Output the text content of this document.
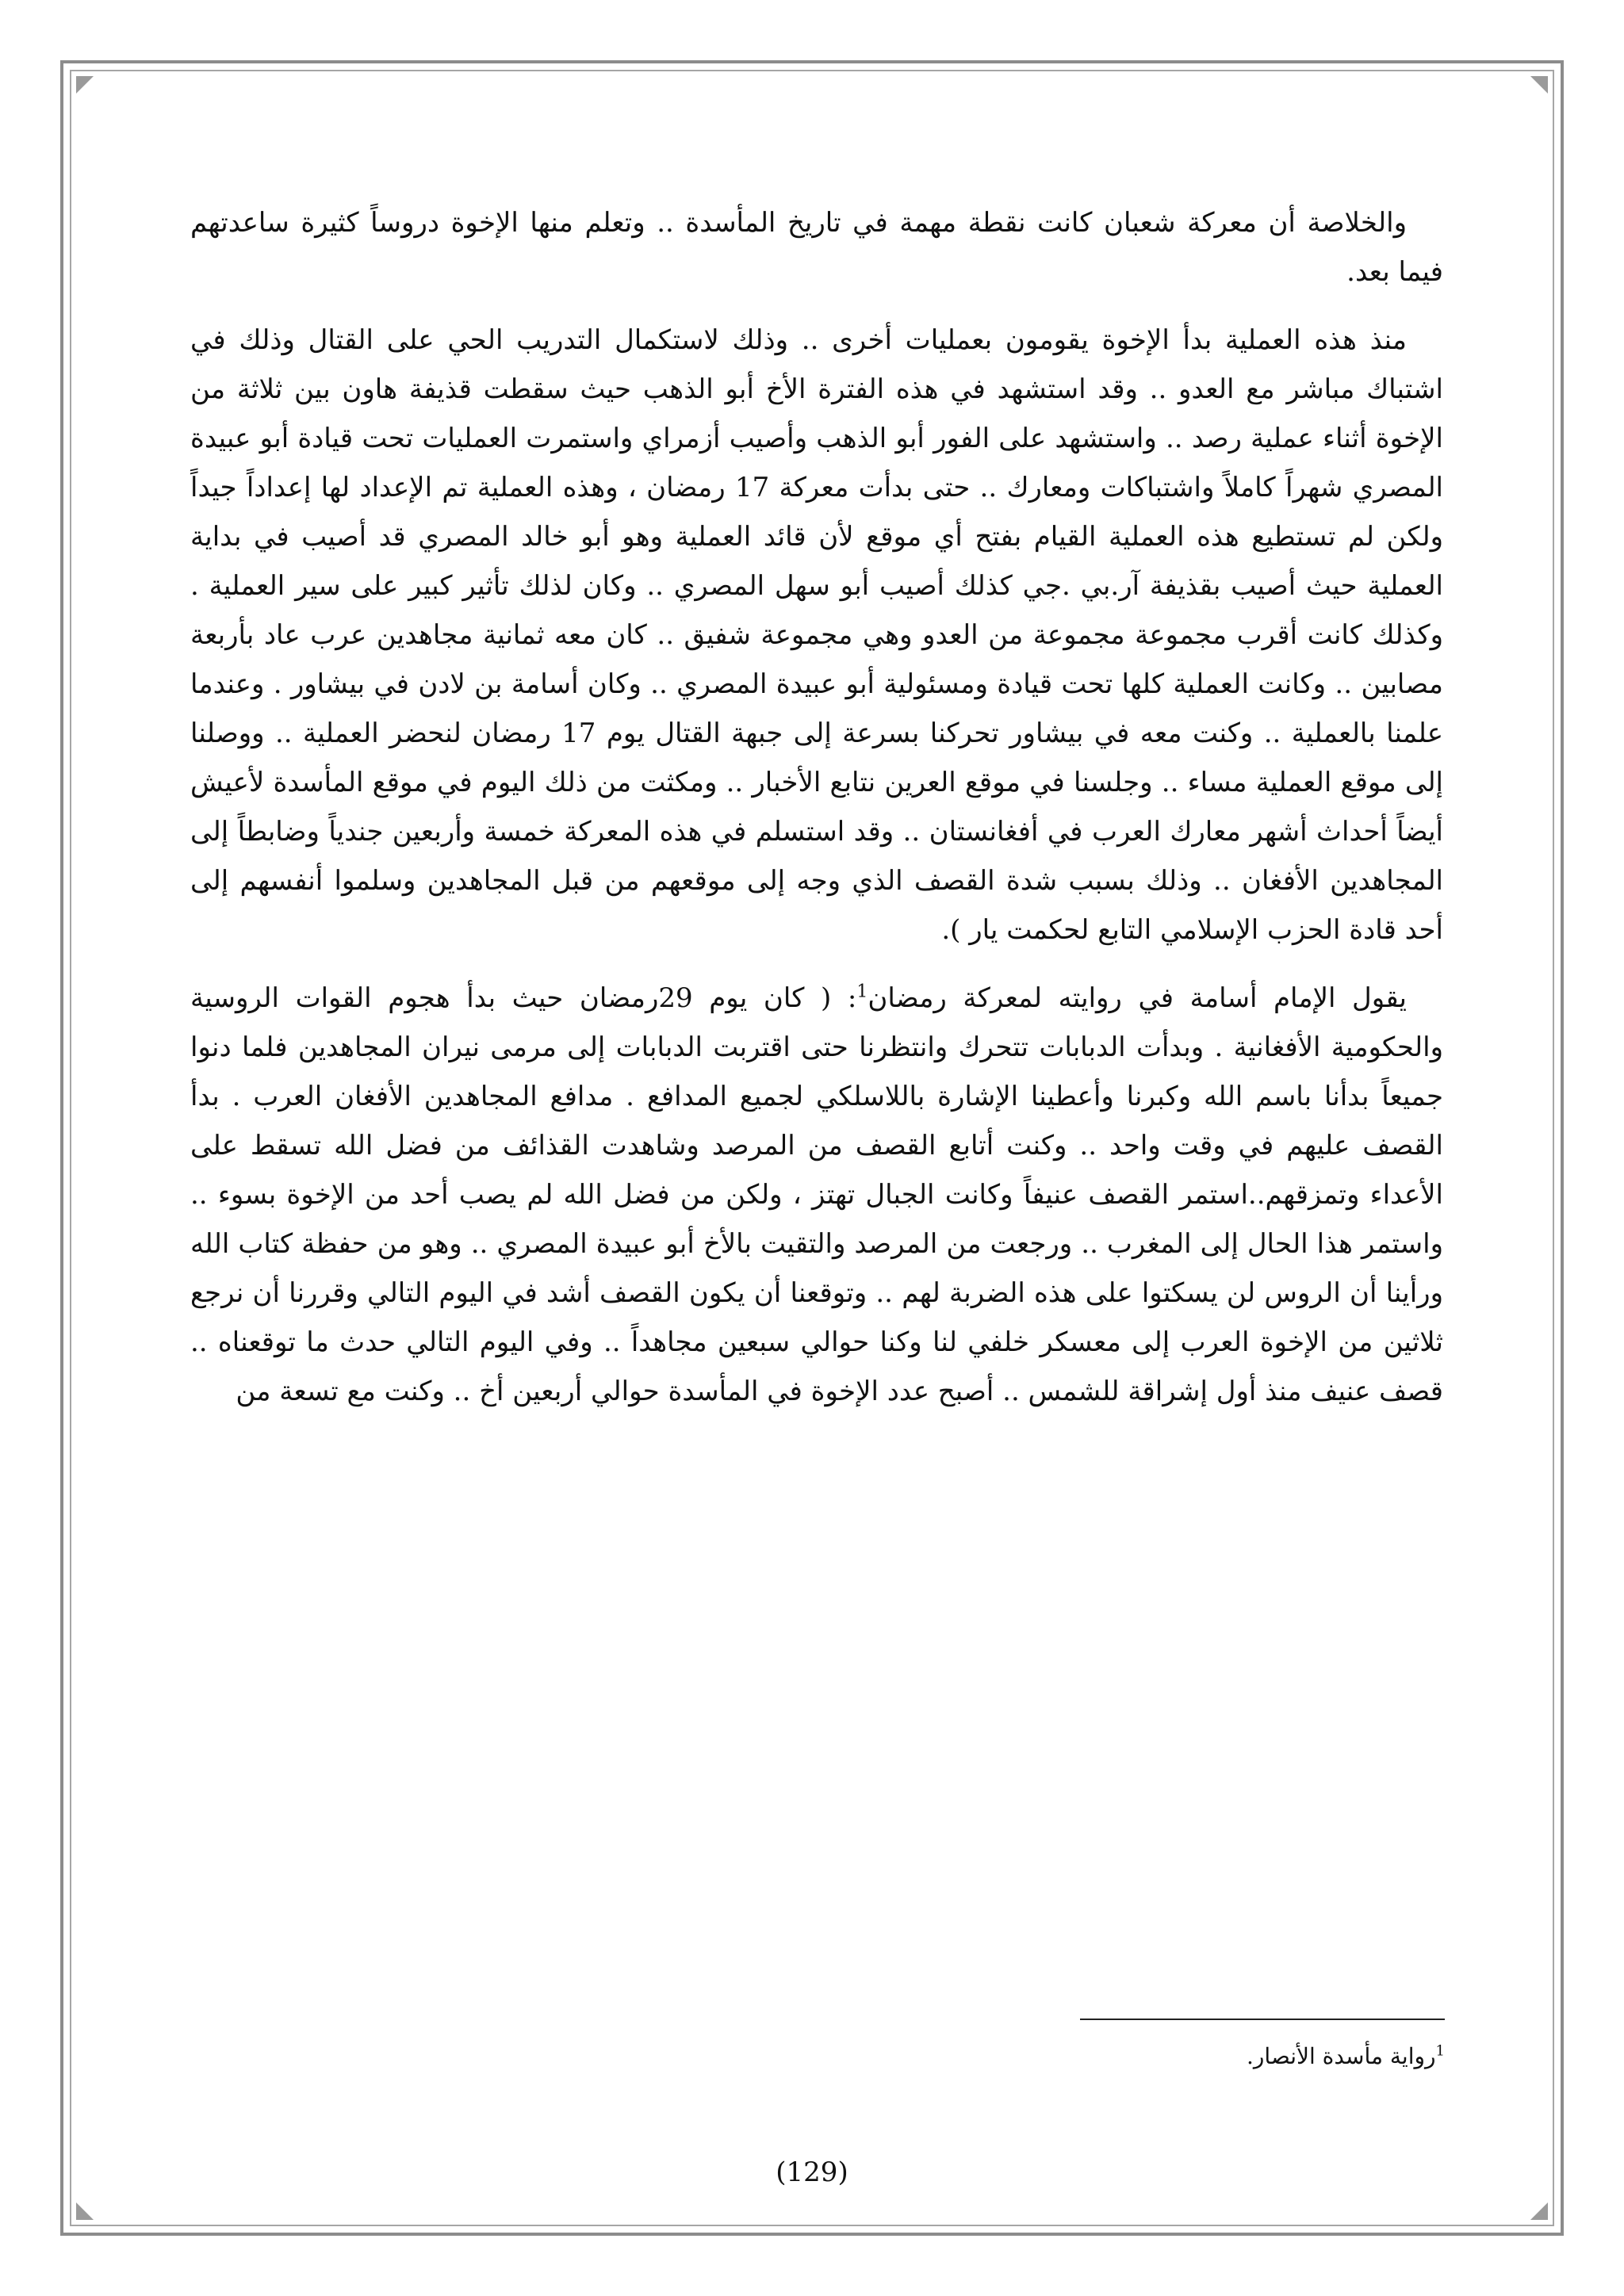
والخلاصة أن معركة شعبان كانت نقطة مهمة في تاريخ المأسدة .. وتعلم منها الإخوة دروساً كثيرة ساعدتهم فيما بعد.

منذ هذه العملية بدأ الإخوة يقومون بعمليات أخرى .. وذلك لاستكمال التدريب الحي على القتال وذلك في اشتباك مباشر مع العدو .. وقد استشهد في هذه الفترة الأخ أبو الذهب حيث سقطت قذيفة هاون بين ثلاثة من الإخوة أثناء عملية رصد .. واستشهد على الفور أبو الذهب وأصيب أزمراي واستمرت العمليات تحت قيادة أبو عبيدة المصري شهراً كاملاً واشتباكات ومعارك .. حتى بدأت معركة 17 رمضان ، وهذه العملية تم الإعداد لها إعداداً جيداً ولكن لم تستطيع هذه العملية القيام بفتح أي موقع لأن قائد العملية وهو أبو خالد المصري قد أصيب في بداية العملية حيث أصيب بقذيفة آر.بي .جي كذلك أصيب أبو سهل المصري .. وكان لذلك تأثير كبير على سير العملية . وكذلك كانت أقرب مجموعة مجموعة من العدو وهي مجموعة شفيق .. كان معه ثمانية مجاهدين عرب عاد بأربعة مصابين .. وكانت العملية كلها تحت قيادة ومسئولية أبو عبيدة المصري .. وكان أسامة بن لادن في بيشاور . وعندما علمنا بالعملية .. وكنت معه في بيشاور تحركنا بسرعة إلى جبهة القتال يوم 17 رمضان لنحضر العملية .. ووصلنا إلى موقع العملية مساء .. وجلسنا في موقع العرين نتابع الأخبار .. ومكثت من ذلك اليوم في موقع المأسدة لأعيش أيضاً أحداث أشهر معارك العرب في أفغانستان .. وقد استسلم في هذه المعركة خمسة وأربعين جندياً وضابطاً إلى المجاهدين الأفغان .. وذلك بسبب شدة القصف الذي وجه إلى موقعهم من قبل المجاهدين وسلموا أنفسهم إلى أحد قادة الحزب الإسلامي التابع لحكمت يار ).

يقول الإمام أسامة في روايته لمعركة رمضان$^1$: ( كان يوم 29رمضان حيث بدأ هجوم القوات الروسية والحكومية الأفغانية . وبدأت الدبابات تتحرك وانتظرنا حتى اقتربت الدبابات إلى مرمى نيران المجاهدين فلما دنوا جميعاً بدأنا باسم الله وكبرنا وأعطينا الإشارة باللاسلكي لجميع المدافع . مدافع المجاهدين الأفغان العرب . بدأ القصف عليهم في وقت واحد .. وكنت أتابع القصف من المرصد وشاهدت القذائف من فضل الله تسقط على الأعداء وتمزقهم..استمر القصف عنيفاً وكانت الجبال تهتز ، ولكن من فضل الله لم يصب أحد من الإخوة بسوء .. واستمر هذا الحال إلى المغرب .. ورجعت من المرصد والتقيت بالأخ أبو عبيدة المصري .. وهو من حفظة كتاب الله ورأينا أن الروس لن يسكتوا على هذه الضربة لهم .. وتوقعنا أن يكون القصف أشد في اليوم التالي وقررنا أن نرجع ثلاثين من الإخوة العرب إلى معسكر خلفي لنا وكنا حوالي سبعين مجاهداً .. وفي اليوم التالي حدث ما توقعناه .. قصف عنيف منذ أول إشراقة للشمس .. أصبح عدد الإخوة في المأسدة حوالي أربعين أخ .. وكنت مع تسعة من

$^1$رواية مأسدة الأنصار.
(129)
